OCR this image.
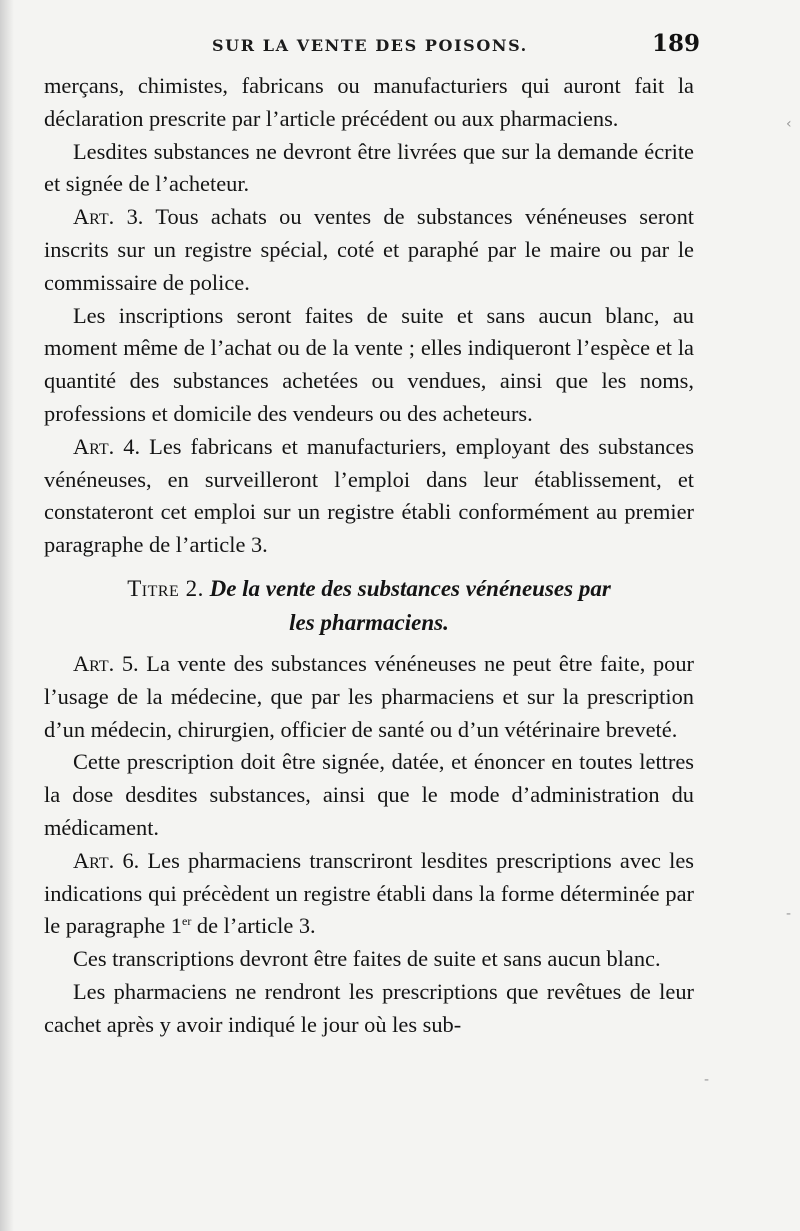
SUR LA VENTE DES POISONS.	189

merçans, chimistes, fabricans ou manufacturiers qui auront fait la déclaration prescrite par l’article précédent ou aux pharmaciens.

Lesdites substances ne devront être livrées que sur la demande écrite et signée de l’acheteur.

Art. 3. Tous achats ou ventes de substances vénéneuses seront inscrits sur un registre spécial, coté et paraphé par le maire ou par le commissaire de police.

Les inscriptions seront faites de suite et sans aucun blanc, au moment même de l’achat ou de la vente ; elles indiqueront l’espèce et la quantité des substances achetées ou vendues, ainsi que les noms, professions et domicile des vendeurs ou des acheteurs.

Art. 4. Les fabricans et manufacturiers, employant des substances vénéneuses, en surveilleront l’emploi dans leur établissement, et constateront cet emploi sur un registre établi conformément au premier paragraphe de l’article 3.

Titre 2. De la vente des substances vénéneuses par
les pharmaciens.

Art. 5. La vente des substances vénéneuses ne peut être faite, pour l’usage de la médecine, que par les pharmaciens et sur la prescription d’un médecin, chirurgien, officier de santé ou d’un vétérinaire breveté.

Cette prescription doit être signée, datée, et énoncer en toutes lettres la dose desdites substances, ainsi que le mode d’administration du médicament.

Art. 6. Les pharmaciens transcriront lesdites prescriptions avec les indications qui précèdent un registre établi dans la forme déterminée par le paragraphe 1er de l’article 3.

Ces transcriptions devront être faites de suite et sans aucun blanc.

Les pharmaciens ne rendront les prescriptions que revêtues de leur cachet après y avoir indiqué le jour où les sub-

‹
-
-
